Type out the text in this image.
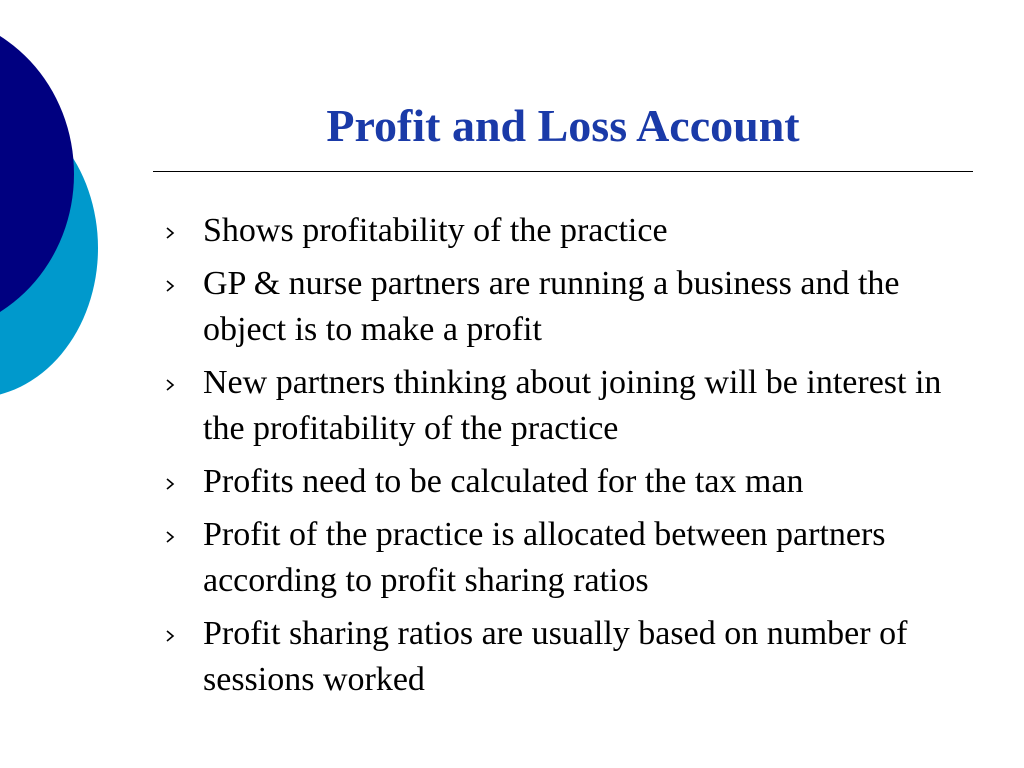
Profit and Loss Account
Shows profitability of the practice
GP & nurse partners are running a business and the object is to make a profit
New partners thinking about joining will be interest in the profitability of the practice
Profits need to be calculated for the tax man
Profit of the practice is allocated between partners according to profit sharing ratios
Profit sharing ratios are usually based on number of sessions worked
